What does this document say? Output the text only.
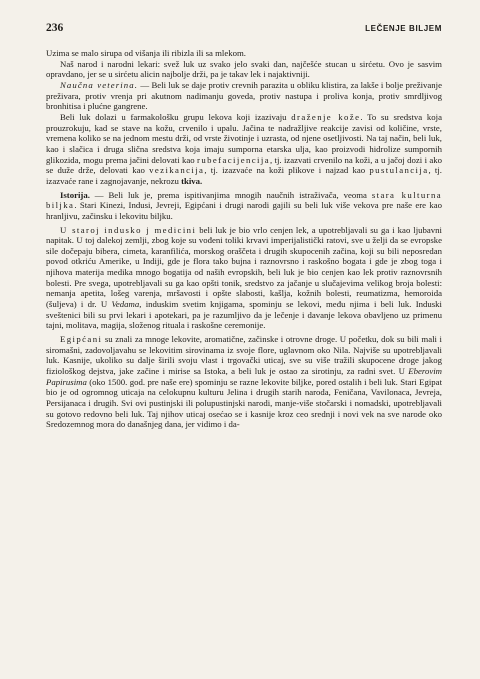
236	LEČENJE BILJEM

Uzima se malo sirupa od višanja ili ribizla ili sa mlekom.

Naš narod i narodni lekari: svež luk uz svako jelo svaki dan, najčešće stucan u sirćetu. Ovo je sasvim opravdano, jer se u sirćetu alicin najbolje drži, pa je takav lek i najaktivniji.

Naučna veterina. — Beli luk se daje protiv crevnih parazita u obliku klistira, za lakše i bolje preživanje preživara, protiv vrenja pri akutnom nadimanju goveda, protiv nastupa i proliva konja, protiv smrdljivog bronhitisa i plućne gangrene.

Beli luk dolazi u farmakološku grupu lekova koji izazivaju draženje kože. To su sredstva koja prouzrokuju, kad se stave na kožu, crvenilo i upalu. Jačina te nadražljive reakcije zavisi od količine, vrste, vremena koliko se na jednom mestu drži, od vrste životinje i uzrasta, od njene osetljivosti. Na taj način, beli luk, kao i slačica i druga slična sredstva koja imaju sumporna etarska ulja, kao proizvodi hidrolize sumpornih glikozida, mogu prema jačini delovati kao rubefacijencija, tj. izazvati crvenilo na koži, a u jačoj dozi i ako se duže drže, delovati kao vezikancija, tj. izazvaće na koži plikove i najzad kao pustulancija, tj. izazvaće rane i zagnojavanje, nekrozu tkiva.

Istorija. — Beli luk je, prema ispitivanjima mnogih naučnih istraživača, veoma stara kulturna biljka. Stari Kinezi, Indusi, Jevreji, Egipćani i drugi narodi gajili su beli luk više vekova pre naše ere kao hranljivu, začinsku i lekovitu biljku.

U staroj indusko j medicini beli luk je bio vrlo cenjen lek, a upotrebljavali su ga i kao ljubavni napitak. U toj dalekoj zemlji, zbog koje su vođeni toliki krvavi imperijalistički ratovi, sve u želji da se evropske sile dočepaju bibera, cimeta, karanfilića, morskog oraščeta i drugih skupocenih začina, koji su bili neposredan povod otkriću Amerike, u Indiji, gde je flora tako bujna i raznovrsno i raskošno bogata i gde je zbog toga i njihova materija medika mnogo bogatija od naših evropskih, beli luk je bio cenjen kao lek protiv raznovrsnih bolesti. Pre svega, upotrebljavali su ga kao opšti tonik, sredstvo za jačanje u slučajevima velikog broja bolesti: nemanja apetita, lošeg varenja, mršavosti i opšte slabosti, kašlja, kožnih bolesti, reumatizma, hemoroida (šuljeva) i dr. U Vedama, induskim svetim knjigama, spominju se lekovi, među njima i beli luk. Induski sveštenici bili su prvi lekari i apotekari, pa je razumljivo da je lečenje i davanje lekova obavljeno uz primenu tajni, molitava, magija, složenog rituala i raskošne ceremonije.

Egipćani su znali za mnoge lekovite, aromatične, začinske i otrovne droge. U početku, dok su bili mali i siromašni, zadovoljavahu se lekovitim sirovinama iz svoje flore, uglavnom oko Nila. Najviše su upotrebljavali luk. Kasnije, ukoliko su dalje širili svoju vlast i trgovački uticaj, sve su više tražili skupocene droge jakog fiziološkog dejstva, jake začine i mirise sa Istoka, a beli luk je ostao za sirotinju, za radni svet. U Eberovim Papirusima (oko 1500. god. pre naše ere) spominju se razne lekovite biljke, pored ostalih i beli luk. Stari Egipat bio je od ogromnog uticaja na celokupnu kulturu Jelina i drugih starih naroda, Feničana, Vavilonaca, Jevreja, Persijanaca i drugih. Svi ovi pustinjski ili polupustinjski narodi, manje-više stočarski i nomadski, upotrebljavali su gotovo redovno beli luk. Taj njihov uticaj osećao se i kasnije kroz ceo srednji i novi vek na sve narode oko Sredozemnog mora do današnjeg dana, jer vidimo i da-
